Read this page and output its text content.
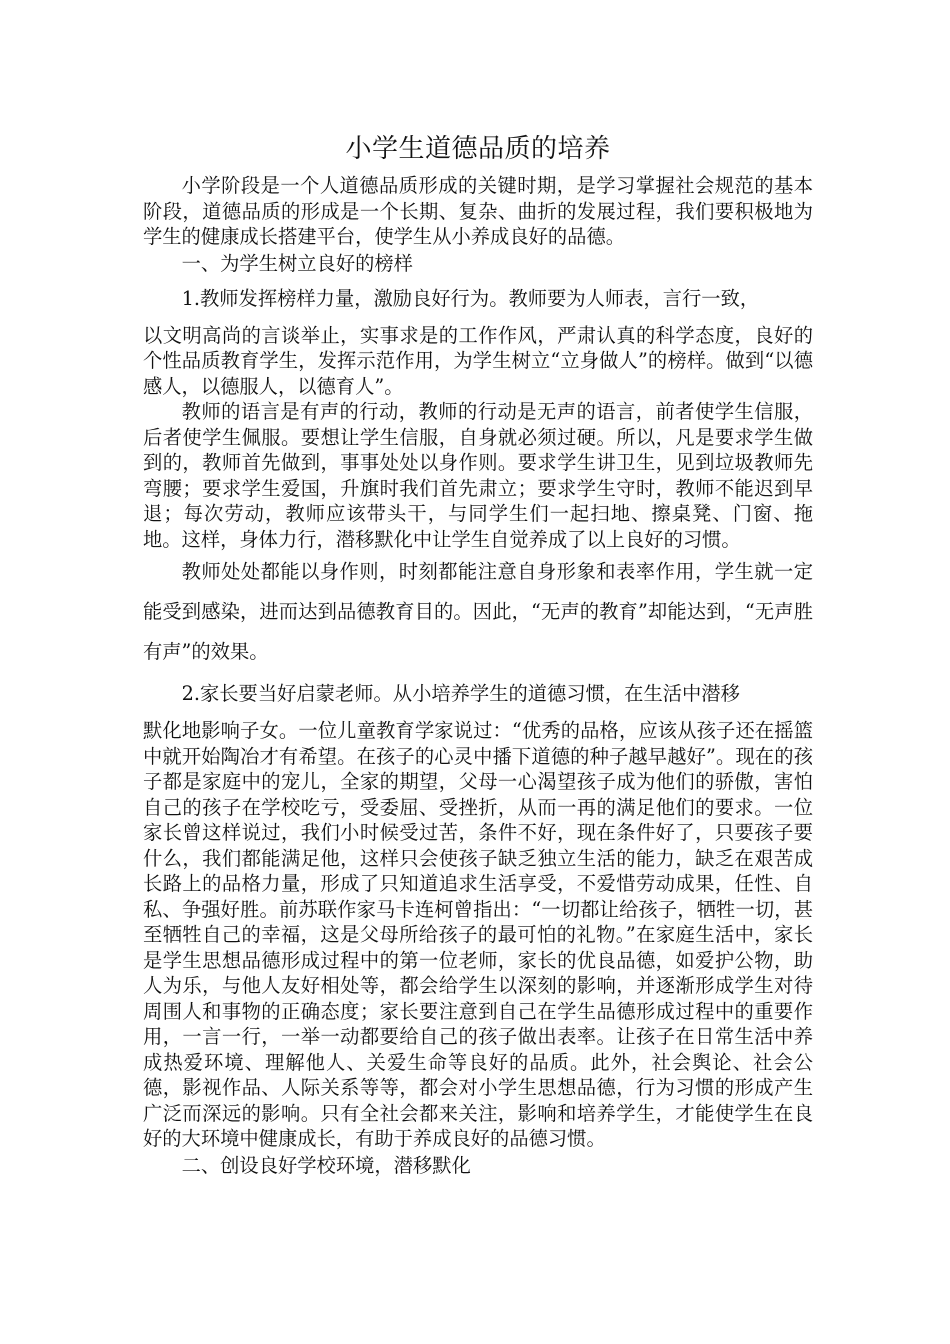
小学生道德品质的培养

小学阶段是一个人道德品质形成的关键时期，是学习掌握社会规范的基本阶段，道德品质的形成是一个长期、复杂、曲折的发展过程，我们要积极地为学生的健康成长搭建平台，使学生从小养成良好的品德。

一、为学生树立良好的榜样

1.教师发挥榜样力量，激励良好行为。教师要为人师表，言行一致，

以文明高尚的言谈举止，实事求是的工作作风，严肃认真的科学态度，良好的个性品质教育学生，发挥示范作用，为学生树立“立身做人”的榜样。做到“以德感人，以德服人，以德育人”。

教师的语言是有声的行动，教师的行动是无声的语言，前者使学生信服，后者使学生佩服。要想让学生信服，自身就必须过硬。所以，凡是要求学生做到的，教师首先做到，事事处处以身作则。要求学生讲卫生，见到垃圾教师先弯腰；要求学生爱国，升旗时我们首先肃立；要求学生守时，教师不能迟到早退；每次劳动，教师应该带头干，与同学生们一起扫地、擦桌凳、门窗、拖地。这样，身体力行，潜移默化中让学生自觉养成了以上良好的习惯。

教师处处都能以身作则，时刻都能注意自身形象和表率作用，学生就一定能受到感染，进而达到品德教育目的。因此，“无声的教育”却能达到，“无声胜有声”的效果。

2.家长要当好启蒙老师。从小培养学生的道德习惯，在生活中潜移

默化地影响子女。一位儿童教育学家说过：“优秀的品格，应该从孩子还在摇篮中就开始陶冶才有希望。在孩子的心灵中播下道德的种子越早越好”。现在的孩子都是家庭中的宠儿，全家的期望，父母一心渴望孩子成为他们的骄傲，害怕自己的孩子在学校吃亏，受委屈、受挫折，从而一再的满足他们的要求。一位家长曾这样说过，我们小时候受过苦，条件不好，现在条件好了，只要孩子要什么，我们都能满足他，这样只会使孩子缺乏独立生活的能力，缺乏在艰苦成长路上的品格力量，形成了只知道追求生活享受，不爱惜劳动成果，任性、自私、争强好胜。前苏联作家马卡连柯曾指出：“一切都让给孩子，牺牲一切，甚至牺牲自己的幸福，这是父母所给孩子的最可怕的礼物。”在家庭生活中，家长是学生思想品德形成过程中的第一位老师，家长的优良品德，如爱护公物，助人为乐，与他人友好相处等，都会给学生以深刻的影响，并逐渐形成学生对待周围人和事物的正确态度；家长要注意到自己在学生品德形成过程中的重要作用，一言一行，一举一动都要给自己的孩子做出表率。让孩子在日常生活中养成热爱环境、理解他人、关爱生命等良好的品质。此外，社会舆论、社会公德，影视作品、人际关系等等，都会对小学生思想品德，行为习惯的形成产生广泛而深远的影响。只有全社会都来关注，影响和培养学生，才能使学生在良好的大环境中健康成长，有助于养成良好的品德习惯。

二、创设良好学校环境，潜移默化
